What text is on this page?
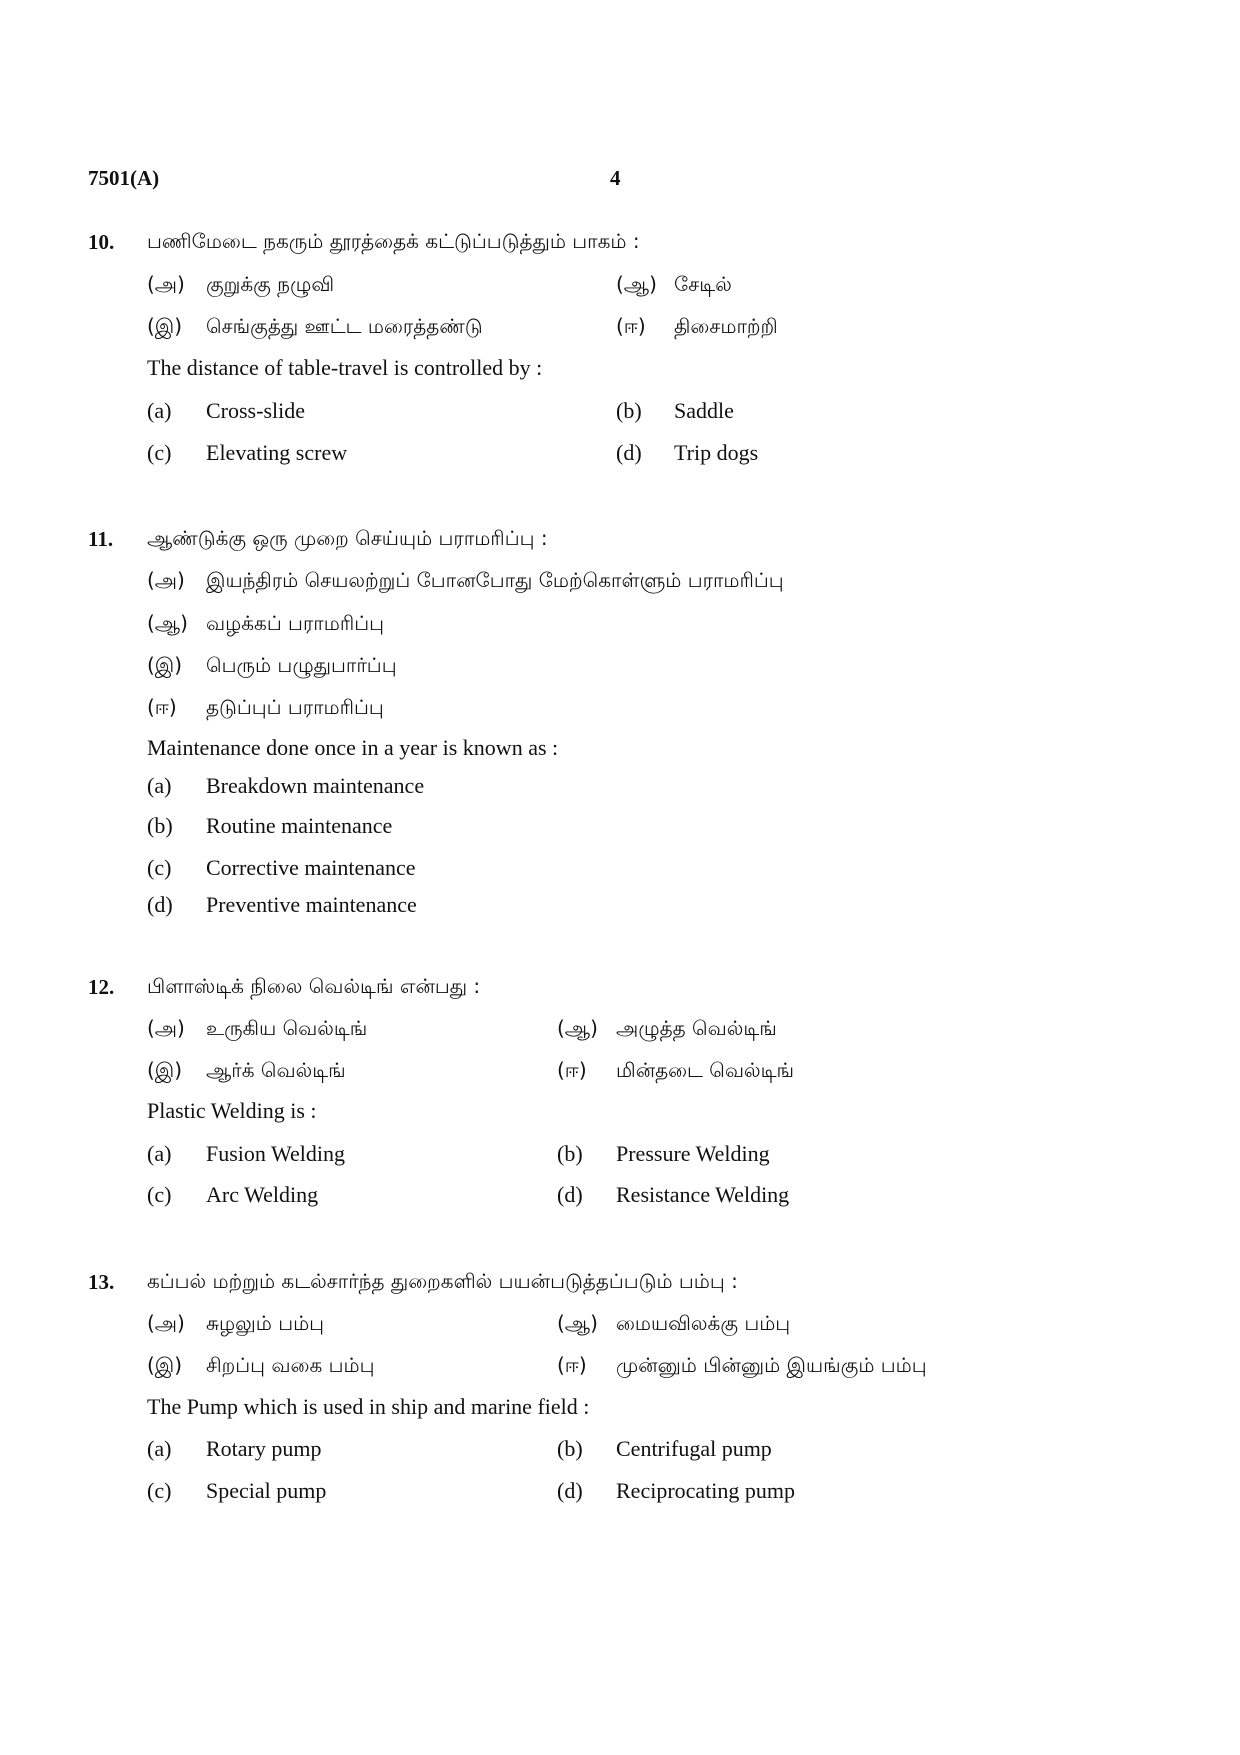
7501(A)	4
10. பணிமேடை நகரும் தூரத்தைக் கட்டுப்படுத்தும் பாகம் :
(அ) குறுக்கு நழுவி	(ஆ) சேடில்
(இ) செங்குத்து ஊட்ட மரைத்தண்டு	(ஈ) திசைமாற்றி
The distance of table-travel is controlled by :
(a) Cross-slide	(b) Saddle
(c) Elevating screw	(d) Trip dogs
11. ஆண்டுக்கு ஒரு முறை செய்யும் பராமரிப்பு :
(அ) இயந்திரம் செயலற்றுப் போனபோது மேற்கொள்ளும் பராமரிப்பு
(ஆ) வழக்கப் பராமரிப்பு
(இ) பெரும் பழுதுபார்ப்பு
(ஈ) தடுப்புப் பராமரிப்பு
Maintenance done once in a year is known as :
(a) Breakdown maintenance
(b) Routine maintenance
(c) Corrective maintenance
(d) Preventive maintenance
12. பிளாஸ்டிக் நிலை வெல்டிங் என்பது :
(அ) உருகிய வெல்டிங்	(ஆ) அழுத்த வெல்டிங்
(இ) ஆர்க் வெல்டிங்	(ஈ) மின்தடை வெல்டிங்
Plastic Welding is :
(a) Fusion Welding	(b) Pressure Welding
(c) Arc Welding	(d) Resistance Welding
13. கப்பல் மற்றும் கடல்சார்ந்த துறைகளில் பயன்படுத்தப்படும் பம்பு :
(அ) சுழலும் பம்பு	(ஆ) மையவிலக்கு பம்பு
(இ) சிறப்பு வகை பம்பு	(ஈ) முன்னும் பின்னும் இயங்கும் பம்பு
The Pump which is used in ship and marine field :
(a) Rotary pump	(b) Centrifugal pump
(c) Special pump	(d) Reciprocating pump
